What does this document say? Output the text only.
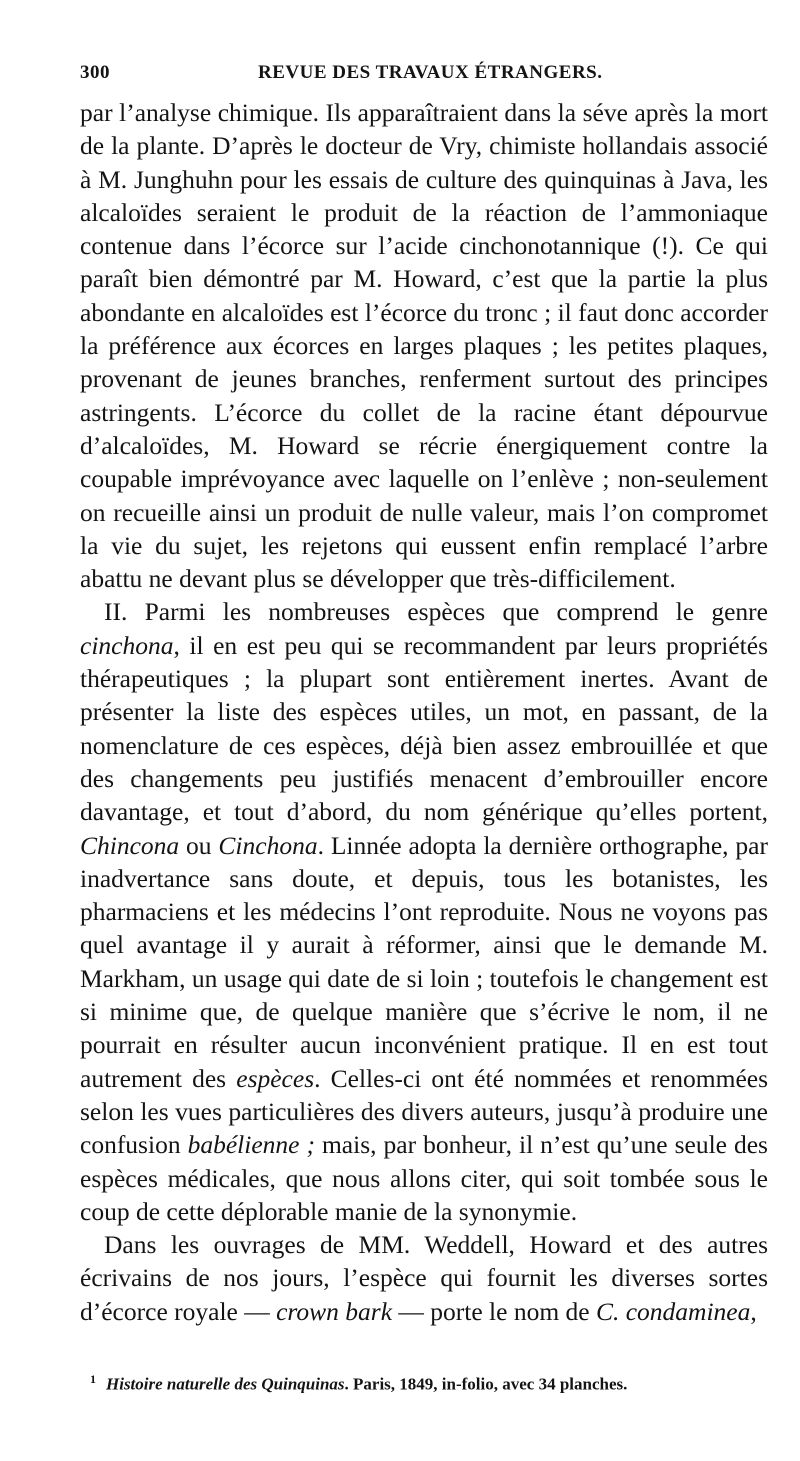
300	REVUE DES TRAVAUX ÉTRANGERS.

par l’analyse chimique. Ils apparaîtraient dans la séve après la mort de la plante. D’après le docteur de Vry, chimiste hollandais associé à M. Junghuhn pour les essais de culture des quinquinas à Java, les alcaloïdes seraient le produit de la réaction de l’ammoniaque contenue dans l’écorce sur l’acide cinchonotannique (!). Ce qui paraît bien démontré par M. Howard, c’est que la partie la plus abondante en alcaloïdes est l’écorce du tronc ; il faut donc accorder la préférence aux écorces en larges plaques ; les petites plaques, provenant de jeunes branches, renferment surtout des principes astringents. L’écorce du collet de la racine étant dépourvue d’alcaloïdes, M. Howard se récrie énergiquement contre la coupable imprévoyance avec laquelle on l’enlève ; non-seulement on recueille ainsi un produit de nulle valeur, mais l’on compromet la vie du sujet, les rejetons qui eussent enfin remplacé l’arbre abattu ne devant plus se développer que très-difficilement.

II. Parmi les nombreuses espèces que comprend le genre cinchona, il en est peu qui se recommandent par leurs propriétés thérapeutiques ; la plupart sont entièrement inertes. Avant de présenter la liste des espèces utiles, un mot, en passant, de la nomenclature de ces espèces, déjà bien assez embrouillée et que des changements peu justifiés menacent d’embrouiller encore davantage, et tout d’abord, du nom générique qu’elles portent, Chincona ou Cinchona. Linnée adopta la dernière orthographe, par inadvertance sans doute, et depuis, tous les botanistes, les pharmaciens et les médecins l’ont reproduite. Nous ne voyons pas quel avantage il y aurait à réformer, ainsi que le demande M. Markham, un usage qui date de si loin ; toutefois le changement est si minime que, de quelque manière que s’écrive le nom, il ne pourrait en résulter aucun inconvénient pratique. Il en est tout autrement des espèces. Celles-ci ont été nommées et renommées selon les vues particulières des divers auteurs, jusqu’à produire une confusion babélienne ; mais, par bonheur, il n’est qu’une seule des espèces médicales, que nous allons citer, qui soit tombée sous le coup de cette déplorable manie de la synonymie.

Dans les ouvrages de MM. Weddell, Howard et des autres écrivains de nos jours, l’espèce qui fournit les diverses sortes d’écorce royale — crown bark — porte le nom de C. condaminea,

$^1$ Histoire naturelle des Quinquinas. Paris, 1849, in-folio, avec 34 planches.
